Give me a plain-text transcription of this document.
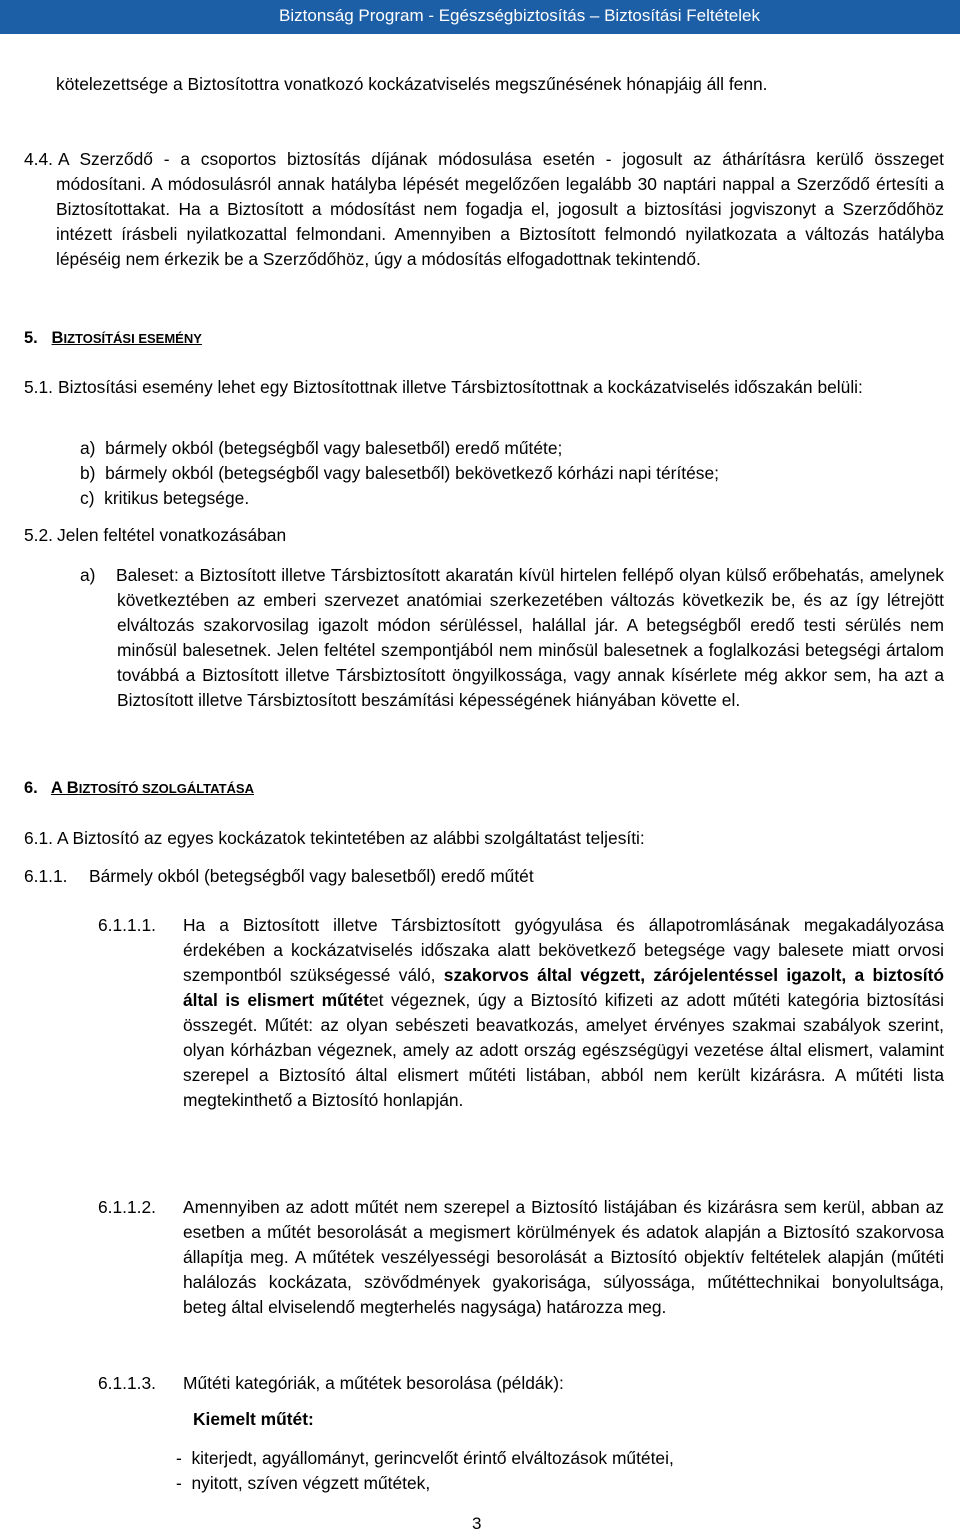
Biztonság Program - Egészségbiztosítás – Biztosítási Feltételek
kötelezettsége a Biztosítottra vonatkozó kockázatviselés megszűnésének hónapjáig áll fenn.
4.4. A Szerződő - a csoportos biztosítás díjának módosulása esetén - jogosult az áthárításra kerülő összeget módosítani. A módosulásról annak hatályba lépését megelőzően legalább 30 naptári nappal a Szerződő értesíti a Biztosítottakat. Ha a Biztosított a módosítást nem fogadja el, jogosult a biztosítási jogviszonyt a Szerződőhöz intézett írásbeli nyilatkozattal felmondani. Amennyiben a Biztosított felmondó nyilatkozata a változás hatályba lépéséig nem érkezik be a Szerződőhöz, úgy a módosítás elfogadottnak tekintendő.
5. BIZTOSÍTÁSI ESEMÉNY
5.1. Biztosítási esemény lehet egy Biztosítottnak illetve Társbiztosítottnak a kockázatviselés időszakán belüli:
a)  bármely okból (betegségből vagy balesetből) eredő műtéte;
b)  bármely okból (betegségből vagy balesetből) bekövetkező kórházi napi térítése;
c)  kritikus betegsége.
5.2. Jelen feltétel vonatkozásában
a) Baleset: a Biztosított illetve Társbiztosított akaratán kívül hirtelen fellépő olyan külső erőbehatás, amelynek következtében az emberi szervezet anatómiai szerkezetében változás következik be, és az így létrejött elváltozás szakorvosilag igazolt módon sérüléssel, halállal jár. A betegségből eredő testi sérülés nem minősül balesetnek. Jelen feltétel szempontjából nem minősül balesetnek a foglalkozási betegségi ártalom továbbá a Biztosított illetve Társbiztosított öngyilkossága, vagy annak kísérlete még akkor sem, ha azt a Biztosított illetve Társbiztosított beszámítási képességének hiányában követte el.
6. A BIZTOSÍTÓ SZOLGÁLTATÁSA
6.1. A Biztosító az egyes kockázatok tekintetében az alábbi szolgáltatást teljesíti:
6.1.1. Bármely okból (betegségből vagy balesetből) eredő műtét
6.1.1.1. Ha a Biztosított illetve Társbiztosított gyógyulása és állapotromlásának megakadályozása érdekében a kockázatviselés időszaka alatt bekövetkező betegsége vagy balesete miatt orvosi szempontból szükségessé váló, szakorvos által végzett, zárójelentéssel igazolt, a biztosító által is elismert műtétet végeznek, úgy a Biztosító kifizeti az adott műtéti kategória biztosítási összegét. Műtét: az olyan sebészeti beavatkozás, amelyet érvényes szakmai szabályok szerint, olyan kórházban végeznek, amely az adott ország egészségügyi vezetése által elismert, valamint szerepel a Biztosító által elismert műtéti listában, abból nem került kizárásra. A műtéti lista megtekinthető a Biztosító honlapján.
6.1.1.2. Amennyiben az adott műtét nem szerepel a Biztosító listájában és kizárásra sem kerül, abban az esetben a műtét besorolását a megismert körülmények és adatok alapján a Biztosító szakorvosa állapítja meg. A műtétek veszélyességi besorolását a Biztosító objektív feltételek alapján (műtéti halálozás kockázata, szövődmények gyakorisága, súlyossága, műtéttechnikai bonyolultsága, beteg által elviselendő megterhelés nagysága) határozza meg.
6.1.1.3. Műtéti kategóriák, a műtétek besorolása (példák):
Kiemelt műtét:
-  kiterjedt, agyállományt, gerincvelőt érintő elváltozások műtétei,
-  nyitott, szíven végzett műtétek,
3
